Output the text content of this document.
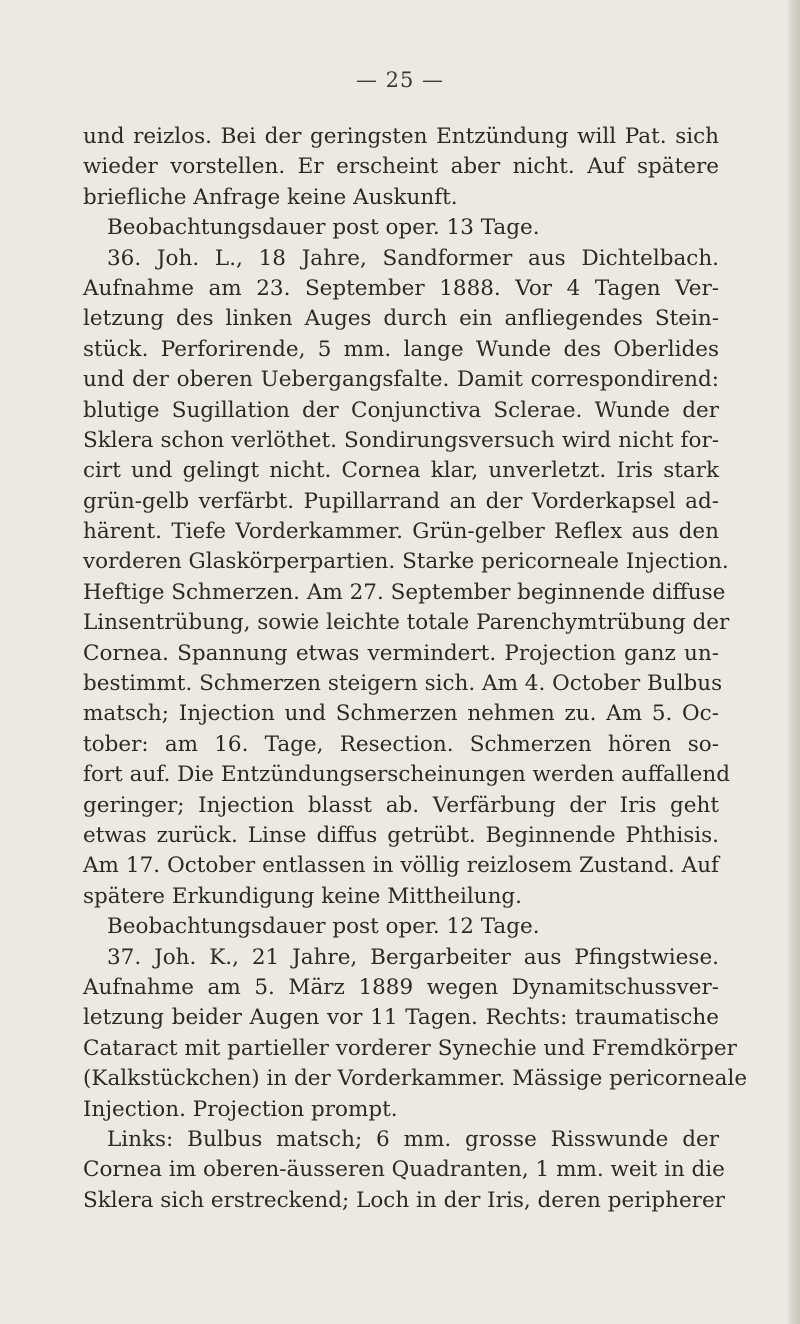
— 25 —
und reizlos. Bei der geringsten Entzündung will Pat. sich
wieder vorstellen. Er erscheint aber nicht. Auf spätere
briefliche Anfrage keine Auskunft.
Beobachtungsdauer post oper. 13 Tage.
36. Joh. L., 18 Jahre, Sandformer aus Dichtelbach.
Aufnahme am 23. September 1888. Vor 4 Tagen Ver-
letzung des linken Auges durch ein anfliegendes Stein-
stück. Perforirende, 5 mm. lange Wunde des Oberlides
und der oberen Uebergangsfalte. Damit correspondirend:
blutige Sugillation der Conjunctiva Sclerae. Wunde der
Sklera schon verlöthet. Sondirungsversuch wird nicht for-
cirt und gelingt nicht. Cornea klar, unverletzt. Iris stark
grün-gelb verfärbt. Pupillarrand an der Vorderkapsel ad-
härent. Tiefe Vorderkammer. Grün-gelber Reflex aus den
vorderen Glaskörperpartien. Starke pericorneale Injection.
Heftige Schmerzen. Am 27. September beginnende diffuse
Linsentrübung, sowie leichte totale Parenchymtrübung der
Cornea. Spannung etwas vermindert. Projection ganz un-
bestimmt. Schmerzen steigern sich. Am 4. October Bulbus
matsch; Injection und Schmerzen nehmen zu. Am 5. Oc-
tober: am 16. Tage, Resection. Schmerzen hören so-
fort auf. Die Entzündungserscheinungen werden auffallend
geringer; Injection blasst ab. Verfärbung der Iris geht
etwas zurück. Linse diffus getrübt. Beginnende Phthisis.
Am 17. October entlassen in völlig reizlosem Zustand. Auf
spätere Erkundigung keine Mittheilung.
Beobachtungsdauer post oper. 12 Tage.
37. Joh. K., 21 Jahre, Bergarbeiter aus Pfingstwiese.
Aufnahme am 5. März 1889 wegen Dynamitschussver-
letzung beider Augen vor 11 Tagen. Rechts: traumatische
Cataract mit partieller vorderer Synechie und Fremdkörper
(Kalkstückchen) in der Vorderkammer. Mässige pericorneale
Injection. Projection prompt.
Links: Bulbus matsch; 6 mm. grosse Risswunde der
Cornea im oberen-äusseren Quadranten, 1 mm. weit in die
Sklera sich erstreckend; Loch in der Iris, deren peripherer
